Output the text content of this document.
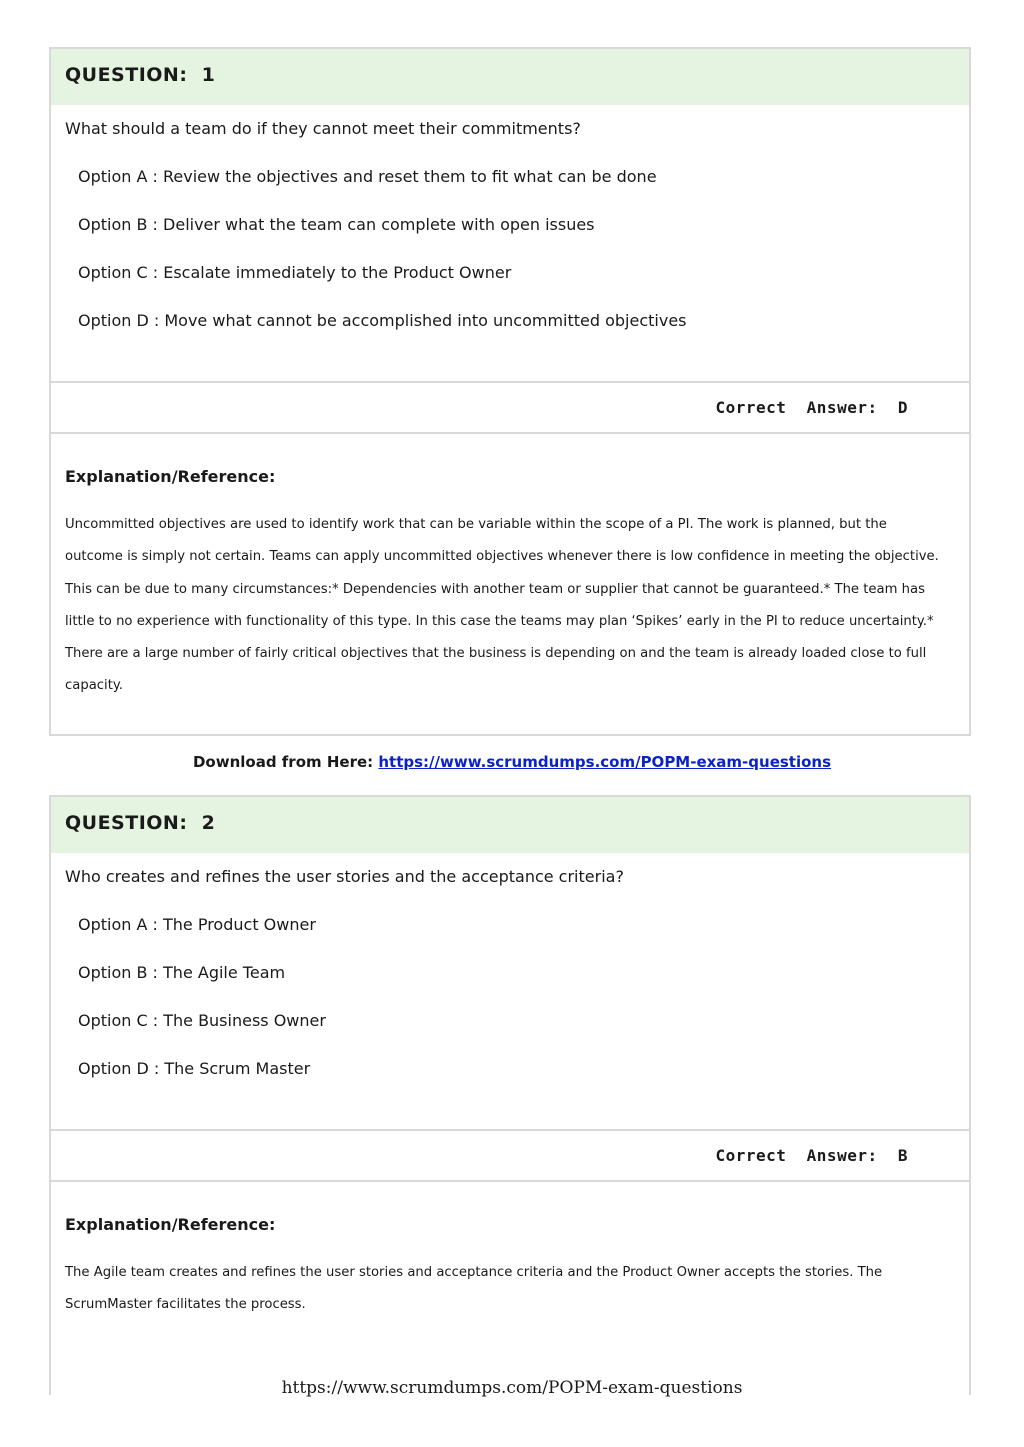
QUESTION:  1
What should a team do if they cannot meet their commitments?
Option A : Review the objectives and reset them to fit what can be done
Option B : Deliver what the team can complete with open issues
Option C : Escalate immediately to the Product Owner
Option D : Move what cannot be accomplished into uncommitted objectives
Correct  Answer:  D
Explanation/Reference:
Uncommitted objectives are used to identify work that can be variable within the scope of a PI. The work is planned, but the outcome is simply not certain. Teams can apply uncommitted objectives whenever there is low confidence in meeting the objective. This can be due to many circumstances:* Dependencies with another team or supplier that cannot be guaranteed.* The team has little to no experience with functionality of this type. In this case the teams may plan ‘Spikes’ early in the PI to reduce uncertainty.* There are a large number of fairly critical objectives that the business is depending on and the team is already loaded close to full capacity.
Download from Here: https://www.scrumdumps.com/POPM-exam-questions
QUESTION:  2
Who creates and refines the user stories and the acceptance criteria?
Option A : The Product Owner
Option B : The Agile Team
Option C : The Business Owner
Option D : The Scrum Master
Correct  Answer:  B
Explanation/Reference:
The Agile team creates and refines the user stories and acceptance criteria and the Product Owner accepts the stories. The ScrumMaster facilitates the process.
https://www.scrumdumps.com/POPM-exam-questions
